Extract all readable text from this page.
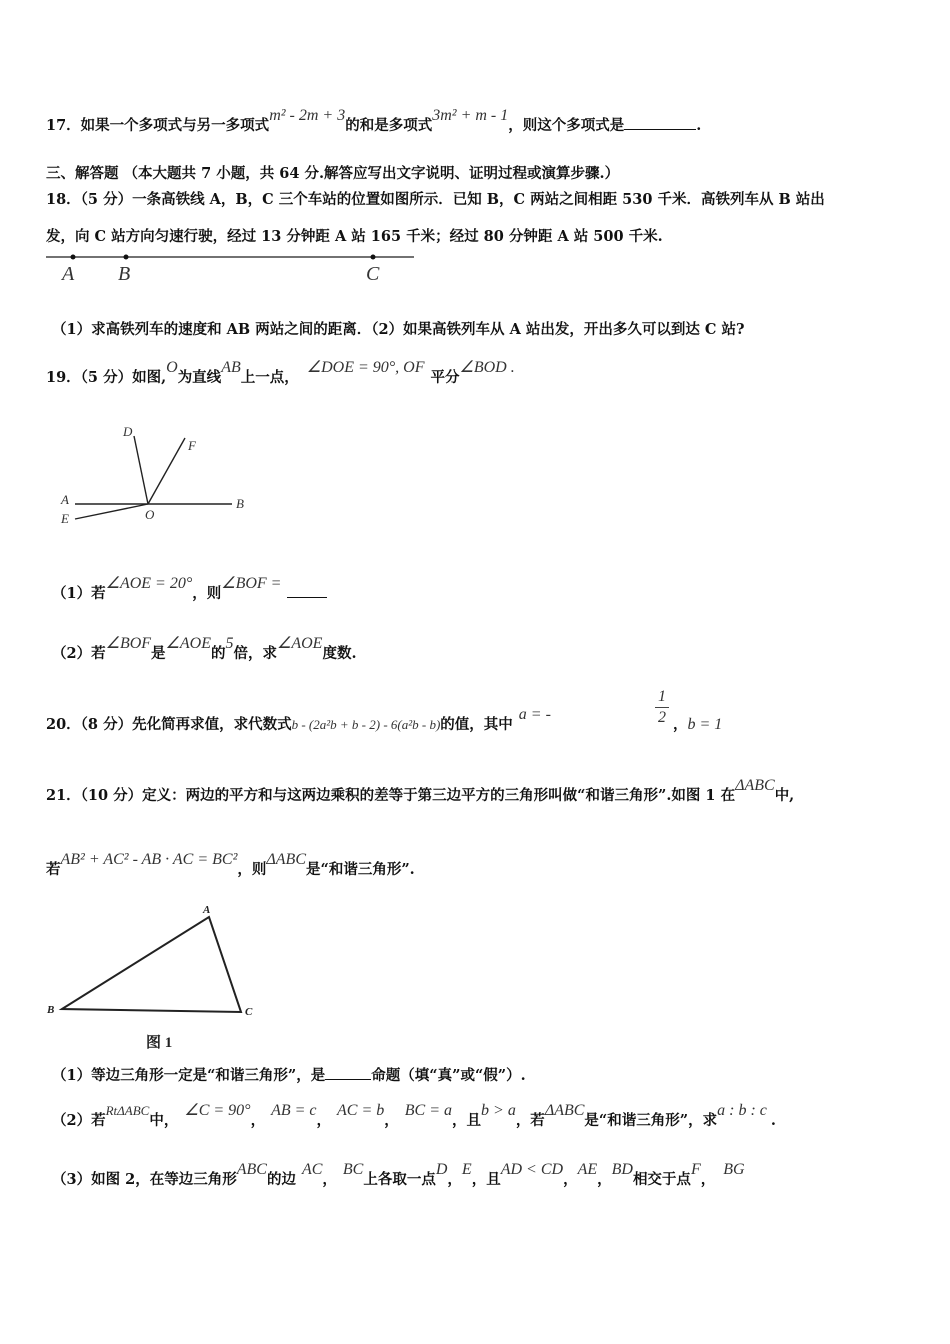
17．如果一个多项式与另一多项式m² - 2m + 3的和是多项式3m² + m - 1，则这个多项式是	.
三、解答题 （本大题共 7 小题，共 64 分.解答应写出文字说明、证明过程或演算步骤.）
18．（5 分）一条高铁线 A，B，C 三个车站的位置如图所示．已知 B，C 两站之间相距 530 千米．高铁列车从 B 站出
发，向 C 站方向匀速行驶，经过 13 分钟距 A 站 165 千米；经过 80 分钟距 A 站 500 千米.
A B	C
（1）求高铁列车的速度和 AB 两站之间的距离．（2）如果高铁列车从 A 站出发，开出多久可以到达 C 站?
19．（5 分）如图,O为直线AB上一点，∠DOE = 90°, OF平分∠BOD .
D
F
A
E	O
B
（1）若∠AOE = 20°，则∠BOF =
（2）若∠BOF是∠AOE的5倍，求∠AOE度数.
20．（8 分）先化简再求值，求代数式b - (2a²b + b - 2) - 6(a²b - b)的值，其中a = -
1
2 ，b = 1
21．（10 分）定义：两边的平方和与这两边乘积的差等于第三边平方的三角形叫做“和谐三角形”.如图 1 在ΔABC中,
若AB² + AC² - AB · AC = BC²，则ΔABC是“和谐三角形”.
A
B	C
图 1
（1）等边三角形一定是“和谐三角形”，是	命题（填“真”或“假”）.
（2）若RtΔABC中，∠C = 90°，AB = c，AC = b，BC = a，且b > a，若ΔABC是“和谐三角形”，求a : b : c.
（3）如图 2，在等边三角形ABC的边AC，BC上各取一点D，E，且AD < CD，AE，BD相交于点F，BG
